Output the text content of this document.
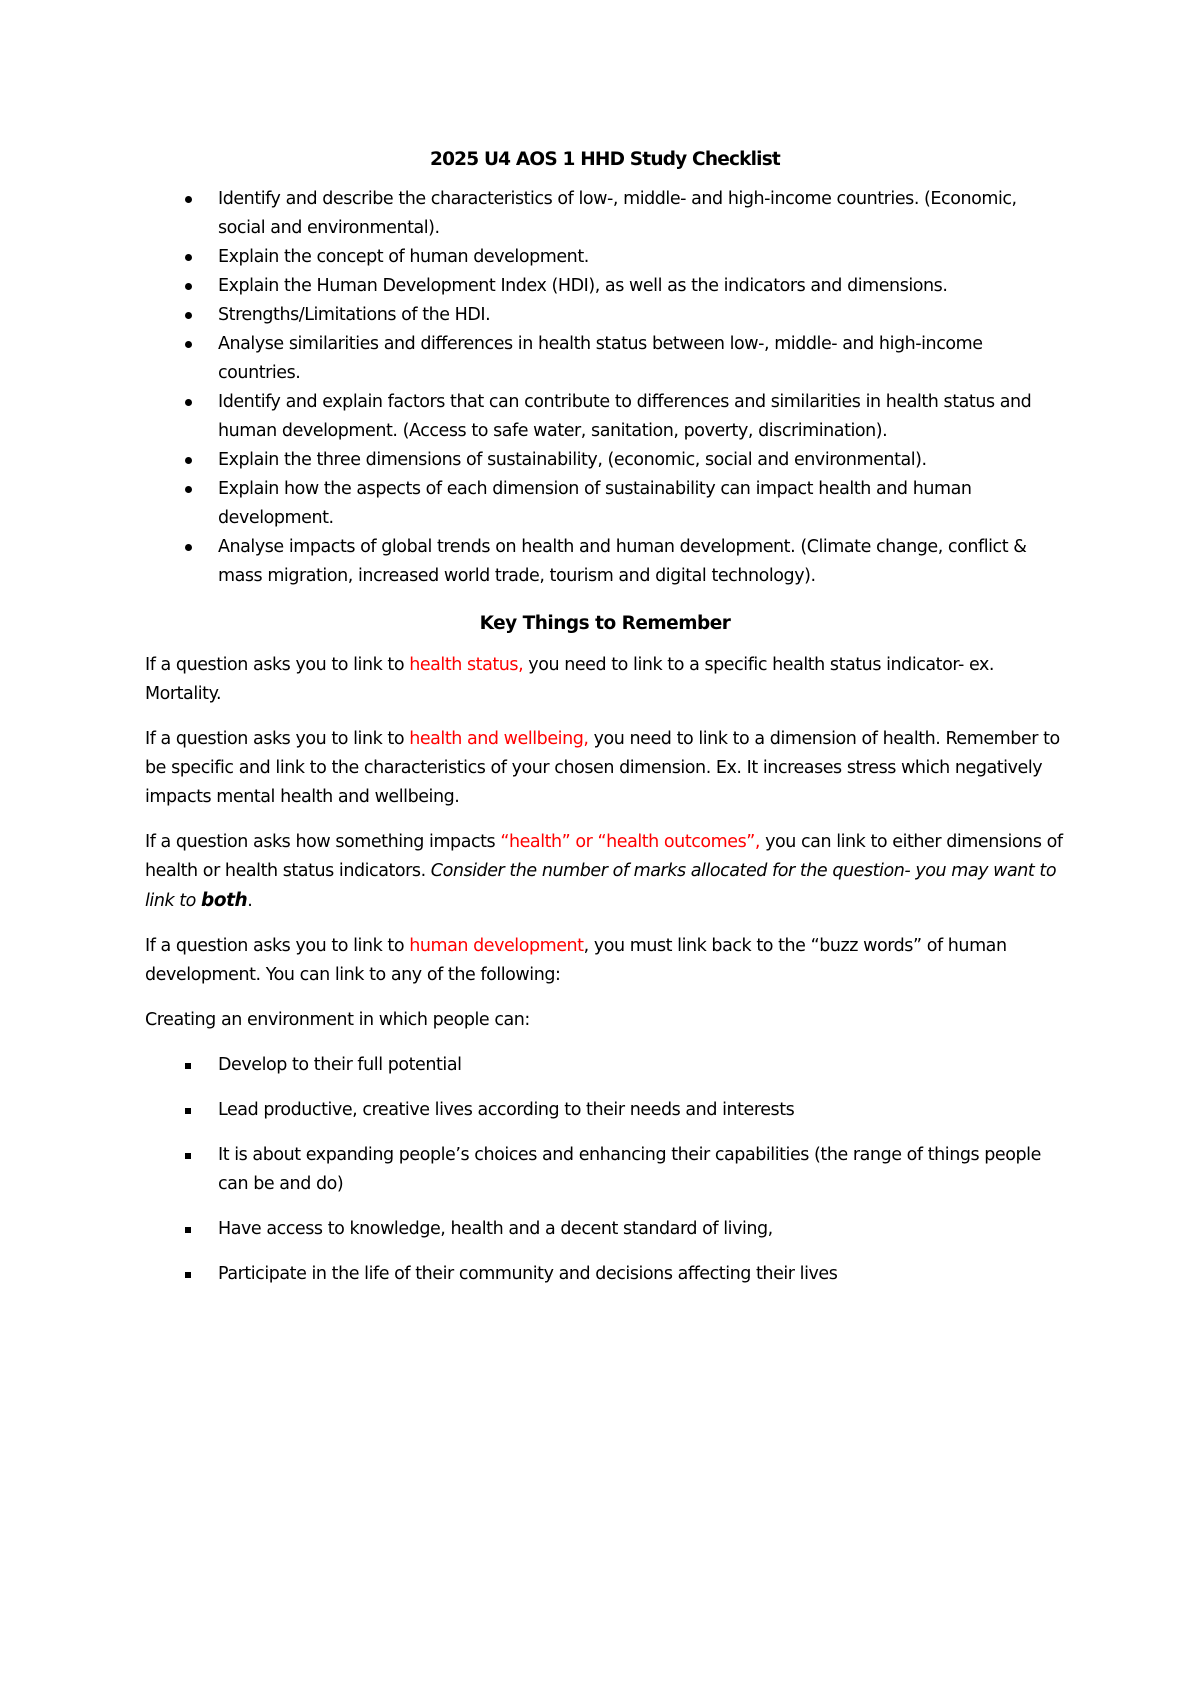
2025 U4 AOS 1 HHD Study Checklist
Identify and describe the characteristics of low-, middle- and high-income countries. (Economic, social and environmental).
Explain the concept of human development.
Explain the Human Development Index (HDI), as well as the indicators and dimensions.
Strengths/Limitations of the HDI.
Analyse similarities and differences in health status between low-, middle- and high-income countries.
Identify and explain factors that can contribute to differences and similarities in health status and human development. (Access to safe water, sanitation, poverty, discrimination).
Explain the three dimensions of sustainability, (economic, social and environmental).
Explain how the aspects of each dimension of sustainability can impact health and human development.
Analyse impacts of global trends on health and human development. (Climate change, conflict & mass migration, increased world trade, tourism and digital technology).
Key Things to Remember

If a question asks you to link to health status, you need to link to a specific health status indicator- ex. Mortality.

If a question asks you to link to health and wellbeing, you need to link to a dimension of health. Remember to be specific and link to the characteristics of your chosen dimension. Ex. It increases stress which negatively impacts mental health and wellbeing.

If a question asks how something impacts “health” or “health outcomes”, you can link to either dimensions of health or health status indicators. Consider the number of marks allocated for the question- you may want to link to both.

If a question asks you to link to human development, you must link back to the “buzz words” of human development. You can link to any of the following:

Creating an environment in which people can:

Develop to their full potential
Lead productive, creative lives according to their needs and interests
It is about expanding people’s choices and enhancing their capabilities (the range of things people can be and do)
Have access to knowledge, health and a decent standard of living,
Participate in the life of their community and decisions affecting their lives
